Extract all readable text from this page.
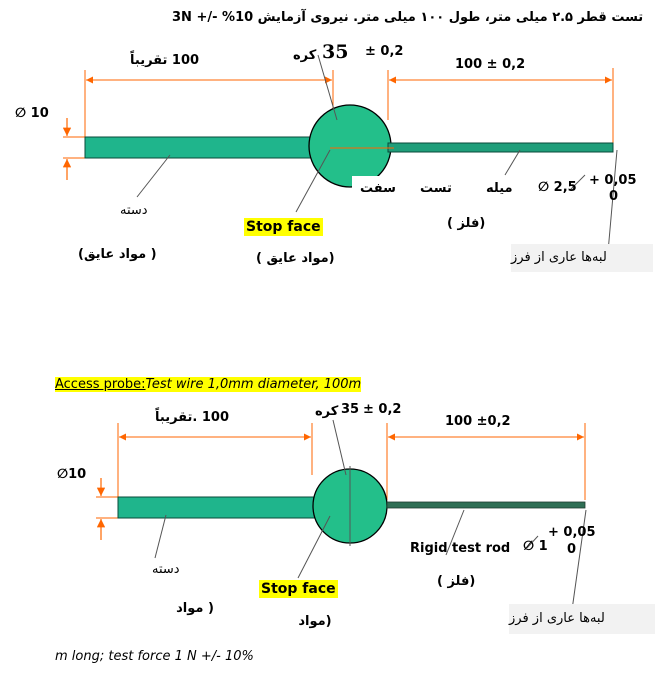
تست قطر ۲.۵ میلی متر، طول ۱۰۰ میلی متر. نیروی آزمایش 10% -/+ 3N
100 تقریباً	کره 35 ± 0,2
100 ± 0,2
∅ 10
دسته
( مواد عایق)
Stop face
(مواد عایق )
سفت تست	میله
(فلز )
∅ 2,5 + 0,05
0
لبه‌ها عاری از فرز
Access probe:Test wire 1,0mm diameter, 100m
100 .تقریباً	کره 35 ± 0,2
100 ±0,2
∅10
دسته
( مواد
Stop face
(مواد
Rigid test rod ∅ 1
+ 0,05
0
(فلز )
لبه‌ها عاری از فرز
m long; test force 1 N +/- 10%
